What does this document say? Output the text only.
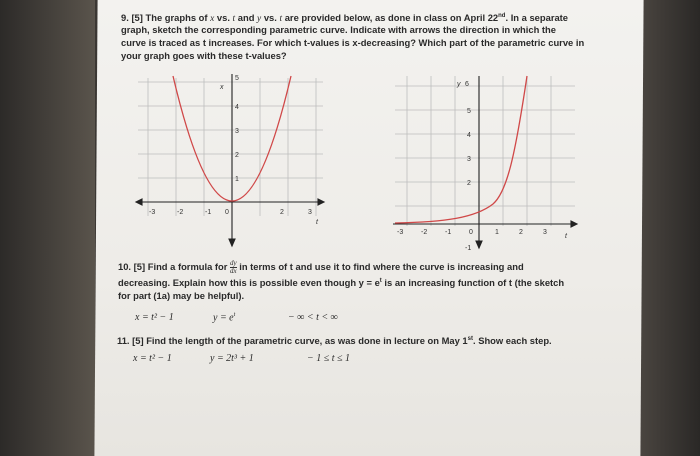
9. [5] The graphs of x vs. t and y vs. t are provided below, as done in class on April 22nd. In a separate
graph, sketch the corresponding parametric curve. Indicate with arrows the direction in which the
curve is traced as t increases. For which t-values is x-decreasing? Which part of the parametric curve in
your graph goes with these t-values?
x
5
4
3
2
1
-3	-2	-1 0	2	3
t
y 6
5
4
3
2
-3	-2	-1	0	1	2	3
t
-1
10. [5] Find a formula for $\frac{dy}{dx}$ in terms of t and use it to find where the curve is increasing and
decreasing. Explain how this is possible even though $y = e^t$ is an increasing function of t (the sketch
for part (1a) may be helpful).
x = t² − 1	$y = e^t$	− ∞ < t < ∞
11. [5] Find the length of the parametric curve, as was done in lecture on May 1st. Show each step.
x = t² − 1	y = 2t³ + 1	− 1 ≤ t ≤ 1
